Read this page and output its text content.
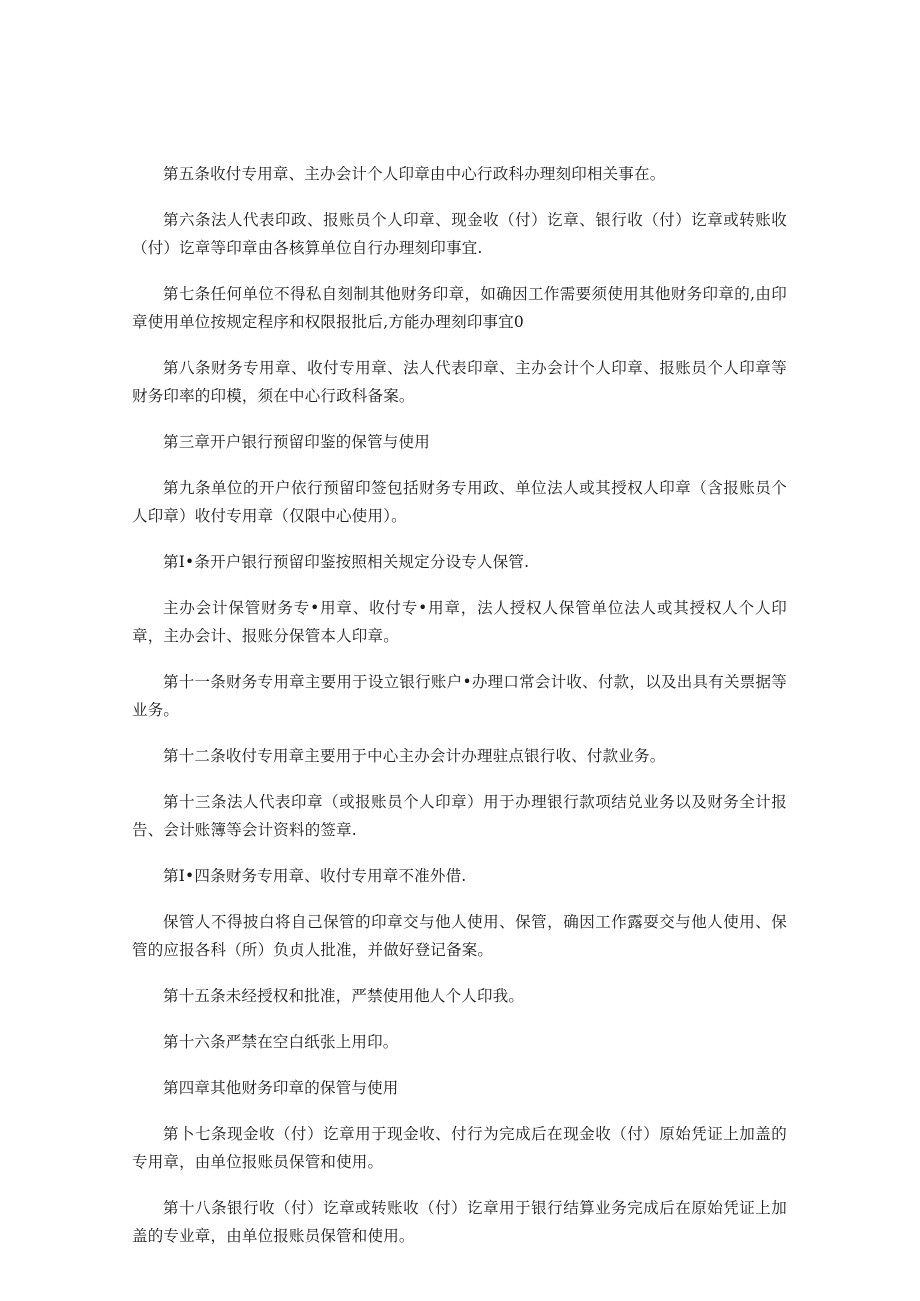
第五条收付专用章、主办会计个人印章由中心行政科办理刻印相关事在。

第六条法人代表印政、报账员个人印章、现金收（付）讫章、银行收（付）讫章或转账收（付）讫章等印章由各核算单位自行办理刻印事宜.

第七条任何单位不得私自刻制其他财务印章，如确因工作需要须使用其他财务印章的,由印章使用单位按规定程序和权限报批后,方能办理刻印事宜0

第八条财务专用章、收付专用章、法人代表印章、主办会计个人印章、报账员个人印章等财务印率的印模，须在中心行政科备案。

第三章开户银行预留印鉴的保管与使用

第九条单位的开户依行预留印签包括财务专用政、单位法人或其授权人印章（含报账员个人印章）收付专用章（仅限中心使用）。

第I•条开户银行预留印鉴按照相关规定分设专人保管.

主办会计保管财务专•用章、收付专•用章，法人授权人保管单位法人或其授权人个人印章，主办会计、报账分保管本人印章。

第十一条财务专用章主要用于设立银行账户•办理口常会计收、付款，以及出具有关票据等业务。

第十二条收付专用章主要用于中心主办会计办理驻点银行收、付款业务。

第十三条法人代表印章（或报账员个人印章）用于办理银行款项结兑业务以及财务全计报告、会计账簿等会计资料的签章.

第I•四条财务专用章、收付专用章不准外借.

保管人不得披白将自己保管的印章交与他人使用、保管，确因工作露耍交与他人使用、保管的应报各科（所）负贞人批准，并做好登记备案。

第十五条未经授权和批准，严禁使用他人个人印我。

第十六条严禁在空白纸张上用印。

第四章其他财务印章的保管与使用

第卜七条现金收（付）讫章用于现金收、付行为完成后在现金收（付）原始凭证上加盖的专用章，由单位报账员保管和使用。

第十八条银行收（付）讫章或转账收（付）讫章用于银行结算业务完成后在原始凭证上加盖的专业章，由单位报账员保管和使用。
